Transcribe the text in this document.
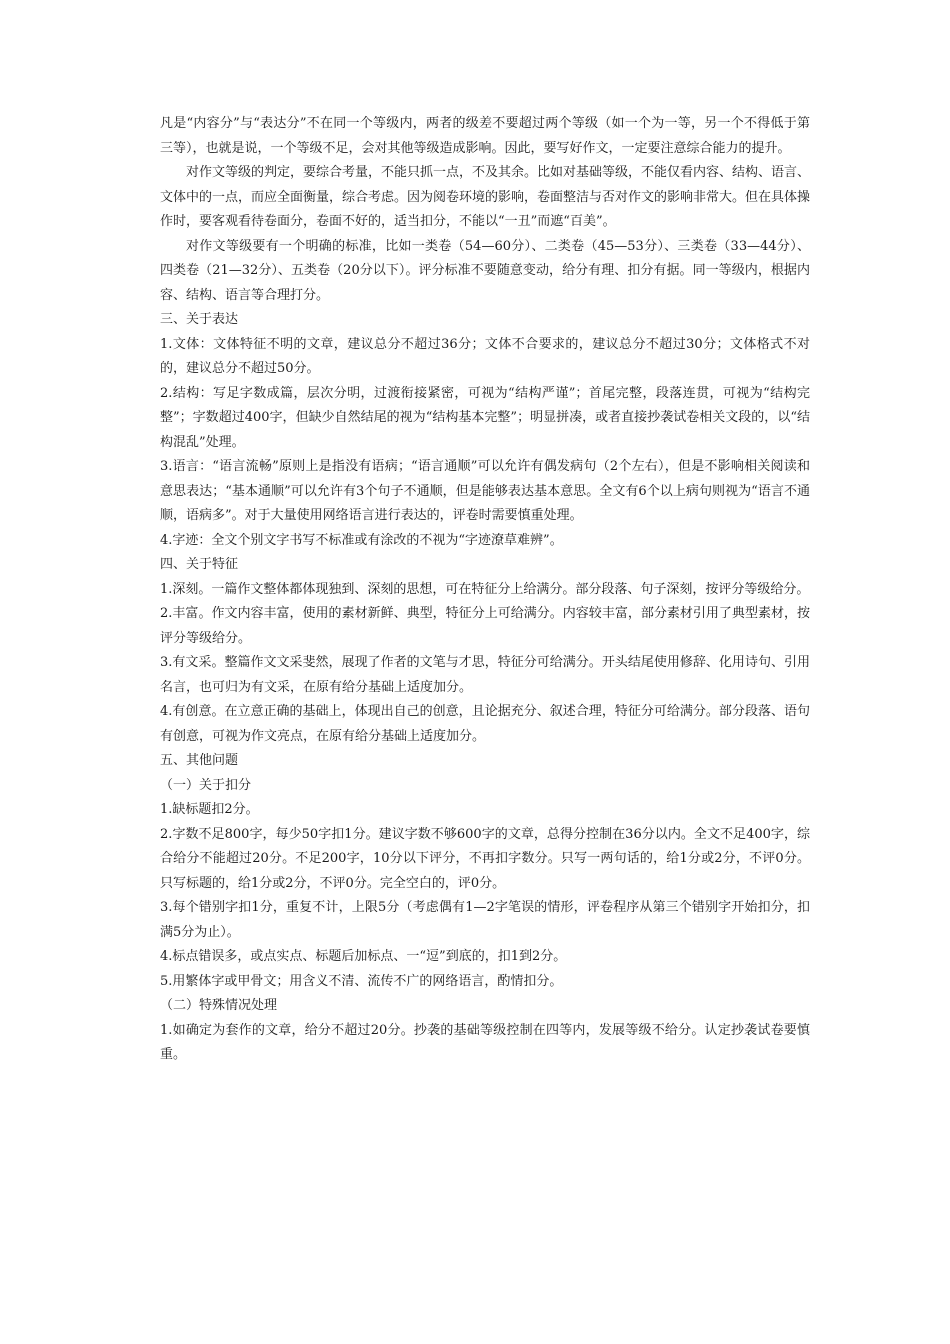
凡是“内容分”与“表达分”不在同一个等级内，两者的级差不要超过两个等级（如一个为一等，另一个不得低于第三等），也就是说，一个等级不足，会对其他等级造成影响。因此，要写好作文，一定要注意综合能力的提升。

对作文等级的判定，要综合考量，不能只抓一点，不及其余。比如对基础等级，不能仅看内容、结构、语言、文体中的一点，而应全面衡量，综合考虑。因为阅卷环境的影响，卷面整洁与否对作文的影响非常大。但在具体操作时，要客观看待卷面分，卷面不好的，适当扣分，不能以“一丑”而遮“百美”。

对作文等级要有一个明确的标准，比如一类卷（54—60分）、二类卷（45—53分）、三类卷（33—44分）、四类卷（21—32分）、五类卷（20分以下）。评分标准不要随意变动，给分有理、扣分有据。同一等级内，根据内容、结构、语言等合理打分。

三、关于表达

1.文体：文体特征不明的文章，建议总分不超过36分；文体不合要求的，建议总分不超过30分；文体格式不对的，建议总分不超过50分。

2.结构：写足字数成篇，层次分明，过渡衔接紧密，可视为“结构严谨”；首尾完整，段落连贯，可视为“结构完整”；字数超过400字，但缺少自然结尾的视为“结构基本完整”；明显拼凑，或者直接抄袭试卷相关文段的，以“结构混乱”处理。

3.语言：“语言流畅”原则上是指没有语病；“语言通顺”可以允许有偶发病句（2个左右），但是不影响相关阅读和意思表达；“基本通顺”可以允许有3个句子不通顺，但是能够表达基本意思。全文有6个以上病句则视为“语言不通顺，语病多”。对于大量使用网络语言进行表达的，评卷时需要慎重处理。

4.字迹：全文个别文字书写不标准或有涂改的不视为“字迹潦草难辨”。

四、关于特征

1.深刻。一篇作文整体都体现独到、深刻的思想，可在特征分上给满分。部分段落、句子深刻，按评分等级给分。

2.丰富。作文内容丰富，使用的素材新鲜、典型，特征分上可给满分。内容较丰富，部分素材引用了典型素材，按评分等级给分。

3.有文采。整篇作文文采斐然，展现了作者的文笔与才思，特征分可给满分。开头结尾使用修辞、化用诗句、引用名言，也可归为有文采，在原有给分基础上适度加分。

4.有创意。在立意正确的基础上，体现出自己的创意，且论据充分、叙述合理，特征分可给满分。部分段落、语句有创意，可视为作文亮点，在原有给分基础上适度加分。

五、其他问题

（一）关于扣分

1.缺标题扣2分。

2.字数不足800字，每少50字扣1分。建议字数不够600字的文章，总得分控制在36分以内。全文不足400字，综合给分不能超过20分。不足200字，10分以下评分，不再扣字数分。只写一两句话的，给1分或2分，不评0分。只写标题的，给1分或2分，不评0分。完全空白的，评0分。

3.每个错别字扣1分，重复不计，上限5分（考虑偶有1—2字笔误的情形，评卷程序从第三个错别字开始扣分，扣满5分为止）。

4.标点错误多，或点实点、标题后加标点、一“逗”到底的，扣1到2分。

5.用繁体字或甲骨文；用含义不清、流传不广的网络语言，酌情扣分。

（二）特殊情况处理

1.如确定为套作的文章，给分不超过20分。抄袭的基础等级控制在四等内，发展等级不给分。认定抄袭试卷要慎重。
